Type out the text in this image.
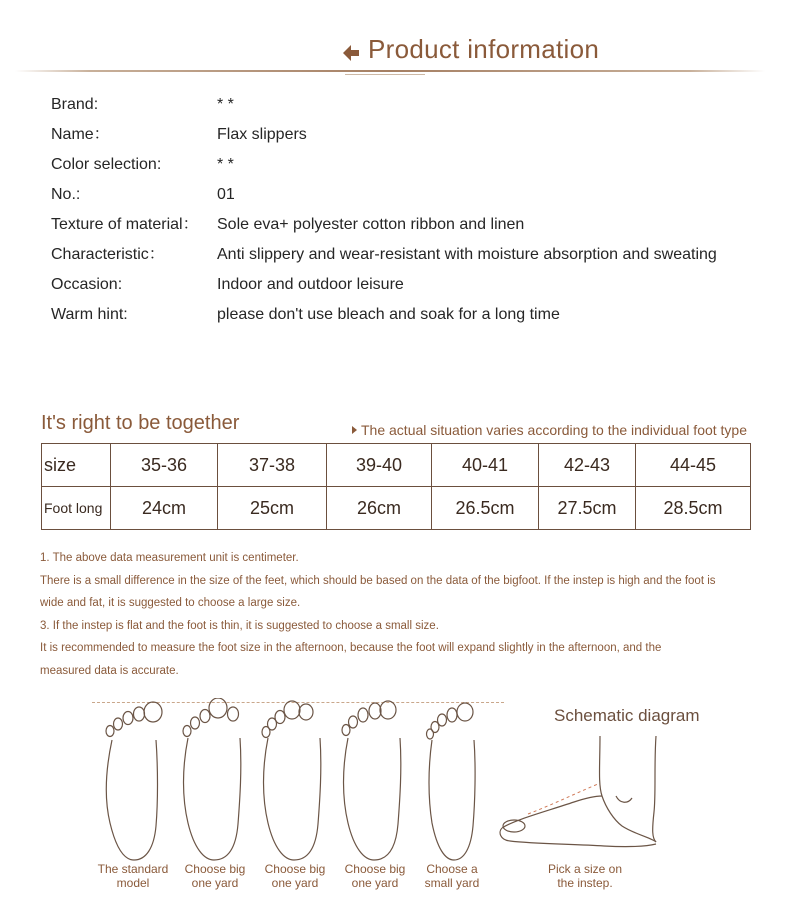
Product information
Brand:	* *
Name：	Flax slippers
Color selection:	* *
No.:	01
Texture of material： Sole eva+ polyester cotton ribbon and linen
Characteristic：	Anti slippery and wear-resistant with moisture absorption and sweating
Occasion:	Indoor and outdoor leisure
Warm hint:	please don't use bleach and soak for a long time
It's right to be together	The actual situation varies according to the individual foot type
size	35-36	37-38	39-40	40-41	42-43	44-45
Foot long	24cm	25cm	26cm	26.5cm	27.5cm	28.5cm
1. The above data measurement unit is centimeter.
There is a small difference in the size of the feet, which should be based on the data of the bigfoot. If the instep is high and the foot is
wide and fat, it is suggested to choose a large size.
3. If the instep is flat and the foot is thin, it is suggested to choose a small size.
It is recommended to measure the foot size in the afternoon, because the foot will expand slightly in the afternoon, and the
measured data is accurate.
The standard
model
Choose big
one yard
Choose big
one yard
Choose big
one yard
Choose a
small yard
Schematic diagram
Pick a size on
the instep.
